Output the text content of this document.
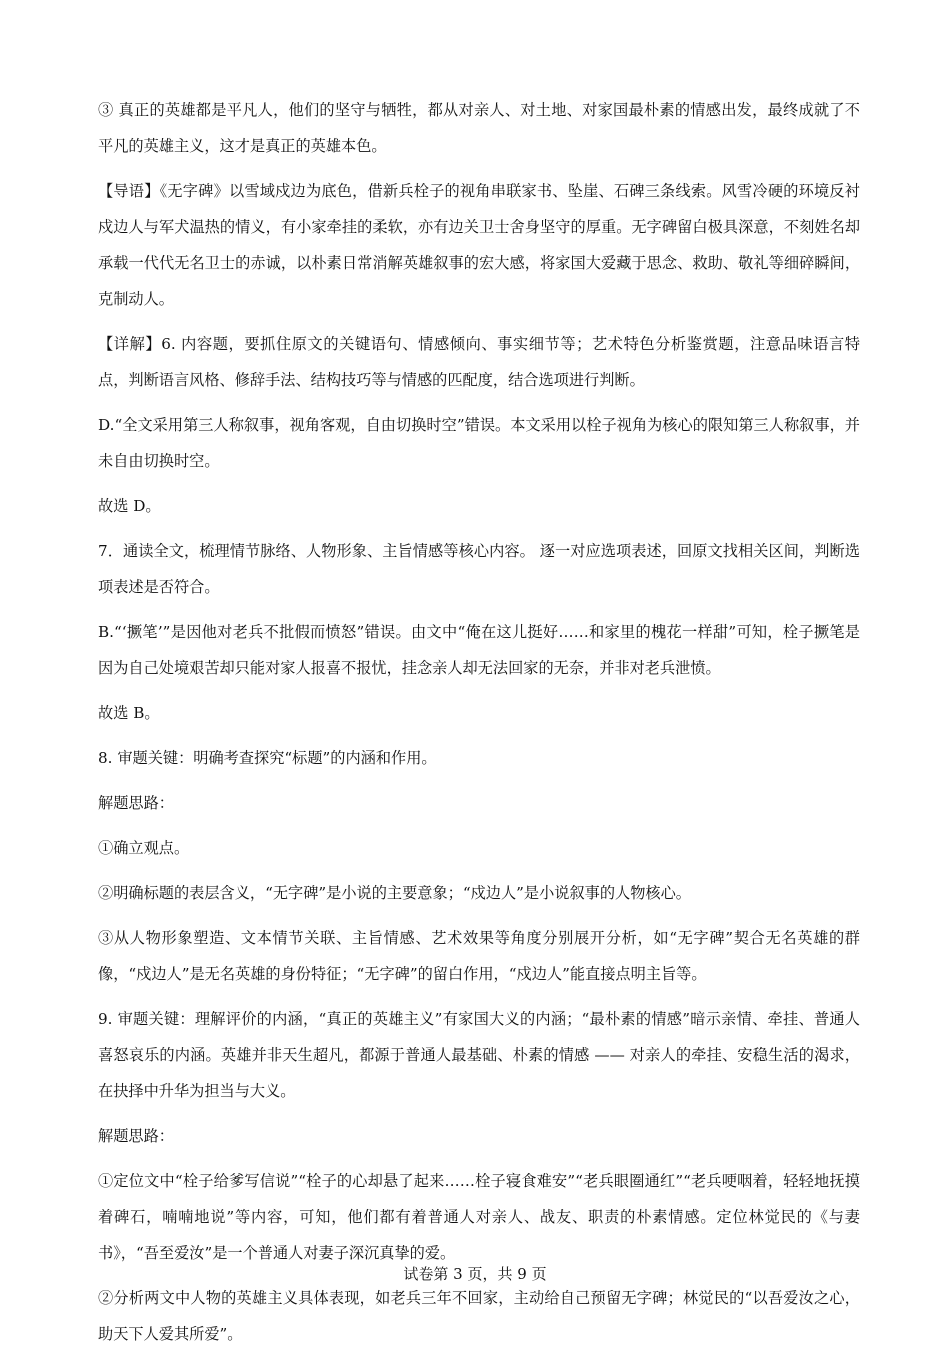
③ 真正的英雄都是平凡人，他们的坚守与牺牲，都从对亲人、对土地、对家国最朴素的情感出发，最终成就了不平凡的英雄主义，这才是真正的英雄本色。

【导语】《无字碑》以雪域戍边为底色，借新兵栓子的视角串联家书、坠崖、石碑三条线索。风雪冷硬的环境反衬戍边人与军犬温热的情义，有小家牵挂的柔软，亦有边关卫士舍身坚守的厚重。无字碑留白极具深意，不刻姓名却承载一代代无名卫士的赤诚，以朴素日常消解英雄叙事的宏大感，将家国大爱藏于思念、救助、敬礼等细碎瞬间，克制动人。

【详解】6. 内容题，要抓住原文的关键语句、情感倾向、事实细节等；艺术特色分析鉴赏题，注意品味语言特点，判断语言风格、修辞手法、结构技巧等与情感的匹配度，结合选项进行判断。

D.“全文采用第三人称叙事，视角客观，自由切换时空”错误。本文采用以栓子视角为核心的限知第三人称叙事，并未自由切换时空。

故选 D。

7．通读全文，梳理情节脉络、人物形象、主旨情感等核心内容。 逐一对应选项表述，回原文找相关区间，判断选项表述是否符合。

B.“‘撅笔’”是因他对老兵不批假而愤怒”错误。由文中“俺在这儿挺好……和家里的槐花一样甜”可知，栓子撅笔是因为自己处境艰苦却只能对家人报喜不报忧，挂念亲人却无法回家的无奈，并非对老兵泄愤。

故选 B。

8. 审题关键：明确考查探究“标题”的内涵和作用。

解题思路：

①确立观点。

②明确标题的表层含义，“无字碑”是小说的主要意象；“戍边人”是小说叙事的人物核心。

③从人物形象塑造、文本情节关联、主旨情感、艺术效果等角度分别展开分析，如“无字碑”契合无名英雄的群像，“戍边人”是无名英雄的身份特征；“无字碑”的留白作用，“戍边人”能直接点明主旨等。

9. 审题关键：理解评价的内涵，“真正的英雄主义”有家国大义的内涵；“最朴素的情感”暗示亲情、牵挂、普通人喜怒哀乐的内涵。英雄并非天生超凡，都源于普通人最基础、朴素的情感 —— 对亲人的牵挂、安稳生活的渴求，在抉择中升华为担当与大义。

解题思路：

①定位文中“栓子给爹写信说”“栓子的心却悬了起来……栓子寝食难安”“老兵眼圈通红”“老兵哽咽着，轻轻地抚摸着碑石，喃喃地说”等内容，可知，他们都有着普通人对亲人、战友、职责的朴素情感。定位林觉民的《与妻书》，“吾至爱汝”是一个普通人对妻子深沉真挚的爱。

②分析两文中人物的英雄主义具体表现，如老兵三年不回家，主动给自己预留无字碑；林觉民的“以吾爱汝之心，助天下人爱其所爱”。

试卷第 3 页，共 9 页
